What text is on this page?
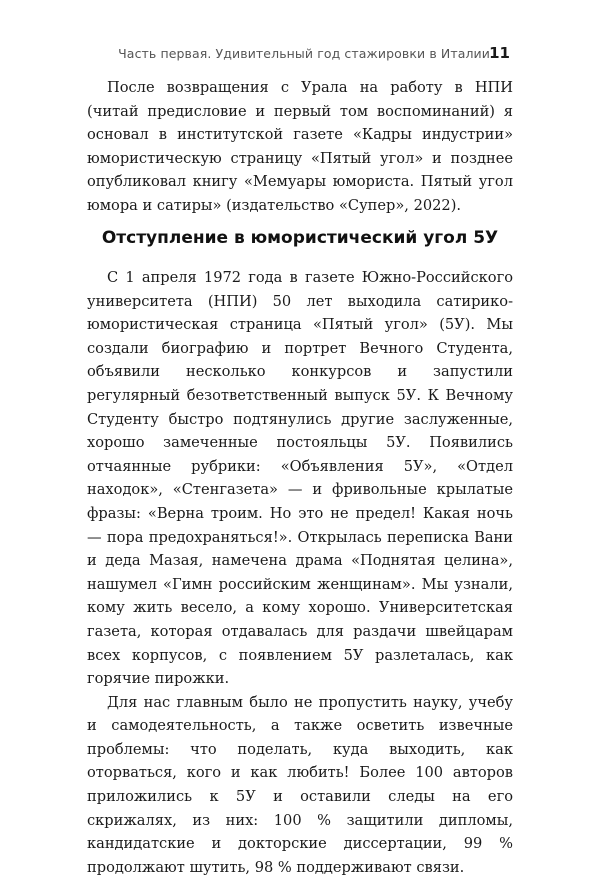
Часть первая. Удивительный год стажировки в Италии 11

После возвращения с Урала на работу в НПИ (читай предисловие и первый том воспоминаний) я основал в институтской газете «Кадры индустрии» юмористическую страницу «Пятый угол» и позднее опубликовал книгу «Мемуары юмориста. Пятый угол юмора и сатиры» (издательство «Супер», 2022).

Отступление в юмористический угол 5У

С 1 апреля 1972 года в газете Южно-Российского университета (НПИ) 50 лет выходила сатирико-юмористическая страница «Пятый угол» (5У). Мы создали биографию и портрет Вечного Студента, объявили несколько конкурсов и запустили регулярный безответственный выпуск 5У. К Вечному Студенту быстро подтянулись другие заслуженные, хорошо замеченные постояльцы 5У. Появились отчаянные рубрики: «Объявления 5У», «Отдел находок», «Стенгазета» — и фривольные крылатые фразы: «Верна троим. Но это не предел! Какая ночь — пора предохраняться!». Открылась переписка Вани и деда Мазая, намечена драма «Поднятая целина», нашумел «Гимн российским женщинам». Мы узнали, кому жить весело, а кому хорошо. Университетская газета, которая отдавалась для раздачи швейцарам всех корпусов, с появлением 5У разлеталась, как горячие пирожки.

Для нас главным было не пропустить науку, учебу и самодеятельность, а также осветить извечные проблемы: что поделать, куда выходить, как оторваться, кого и как любить! Более 100 авторов приложились к 5У и оставили следы на его скрижалях, из них: 100 % защитили дипломы, кандидатские и докторские диссертации, 99 % продолжают шутить, 98 % поддерживают связи.
